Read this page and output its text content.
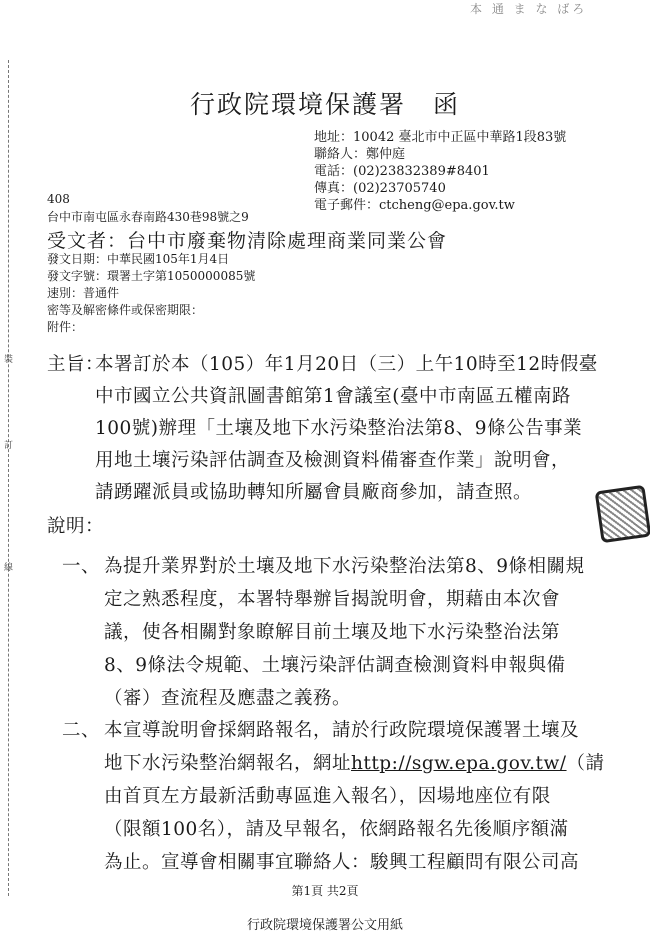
本 通 ま な ばろ
裝
訂
線
行政院環境保護署　函
地址：10042 臺北市中正區中華路1段83號
聯絡人：鄭仲庭
電話：(02)23832389#8401
傳真：(02)23705740
電子郵件：ctcheng@epa.gov.tw
408
台中市南屯區永春南路430巷98號之9
受文者：台中市廢棄物清除處理商業同業公會
發文日期：中華民國105年1月4日
發文字號：環署土字第1050000085號
速別：普通件
密等及解密條件或保密期限：
附件：
主旨：
本署訂於本（105）年1月20日（三）上午10時至12時假臺
中市國立公共資訊圖書館第1會議室(臺中市南區五權南路
100號)辦理「土壤及地下水污染整治法第8、9條公告事業
用地土壤污染評估調查及檢測資料備審查作業」說明會，
請踴躍派員或協助轉知所屬會員廠商參加，請查照。
說明：
一、 為提升業界對於土壤及地下水污染整治法第8、9條相關規
定之熟悉程度，本署特舉辦旨揭說明會，期藉由本次會
議，使各相關對象瞭解目前土壤及地下水污染整治法第
8、9條法令規範、土壤污染評估調查檢測資料申報與備
（審）查流程及應盡之義務。
二、 本宣導說明會採網路報名，請於行政院環境保護署土壤及
地下水污染整治網報名，網址http://sgw.epa.gov.tw/（請
由首頁左方最新活動專區進入報名），因場地座位有限
（限額100名），請及早報名，依網路報名先後順序額滿
為止。宣導會相關事宜聯絡人：駿興工程顧問有限公司高
第1頁 共2頁
行政院環境保護署公文用紙
